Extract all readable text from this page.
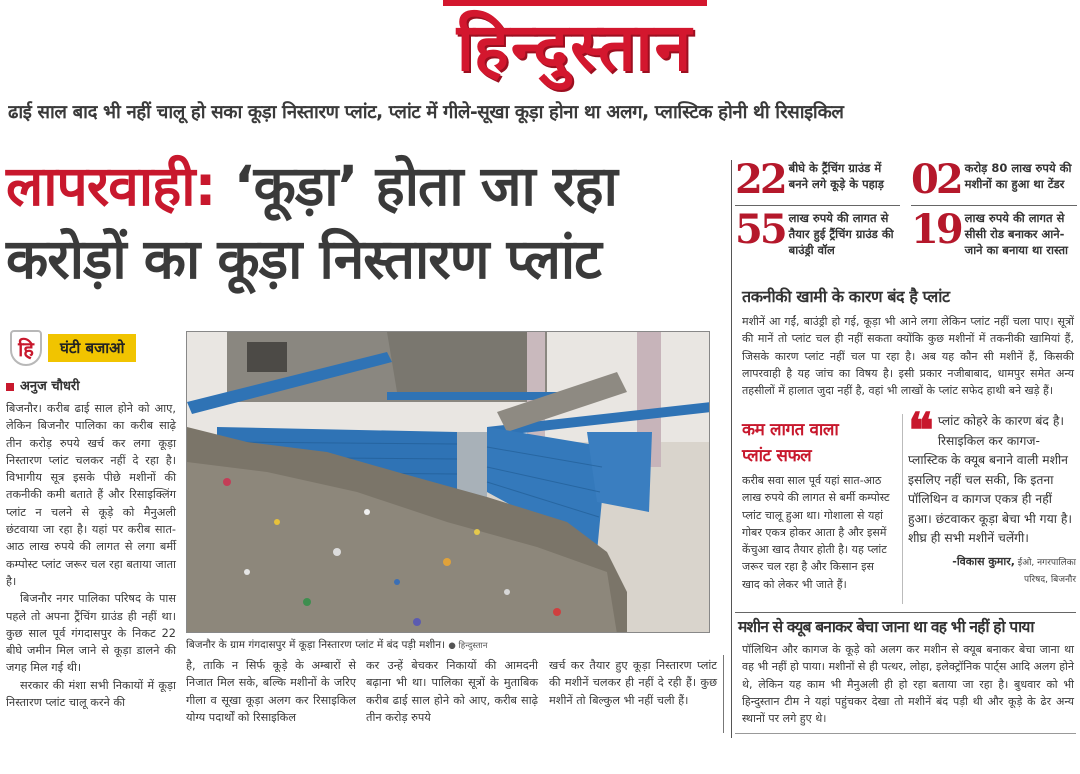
हिन्दुस्तान
ढाई साल बाद भी नहीं चालू हो सका कूड़ा निस्तारण प्लांट, प्लांट में गीले-सूखा कूड़ा होना था अलग, प्लास्टिक होनी थी रिसाइकिल
लापरवाही: ‘कूड़ा’ होता जा रहा
करोड़ों का कूड़ा निस्तारण प्लांट
22 बीघे के ट्रैंचिंग ग्राउंड में
बनने लगे कूड़े के पहाड़ 02 करोड़ 80 लाख रुपये की
मशीनों का हुआ था टेंडर
55 लाख रुपये की लागत से
तैयार हुई ट्रैंचिंग ग्राउंड की
बाउंड्री वॉल	19 लाख रुपये की लागत से
सीसी रोड बनाकर आने-
जाने का बनाया था रास्ता
तकनीकी खामी के कारण बंद है प्लांट
मशीनें आ गईं, बाउंड्री हो गई, कूड़ा भी आने लगा लेकिन प्लांट नहीं चला पाए। सूत्रों की मानें तो प्लांट चल ही नहीं सकता क्योंकि कुछ मशीनों में तकनीकी खामियां हैं, जिसके कारण प्लांट नहीं चल पा रहा है। अब यह कौन सी मशीनें हैं, किसकी लापरवाही है यह जांच का विषय है। इसी प्रकार नजीबाबाद, धामपुर समेत अन्य तहसीलों में हालात जुदा नहीं है, वहां भी लाखों के प्लांट सफेद हाथी बने खड़े हैं।
कम लागत वाला
प्लांट सफल
करीब सवा साल पूर्व यहां सात-आठ लाख रुपये की लागत से बर्मी कम्पोस्ट प्लांट चालू हुआ था। गोशाला से यहां गोबर एकत्र होकर आता है और इसमें केंचुआ खाद तैयार होती है। यह प्लांट जरूर चल रहा है और किसान इस खाद को लेकर भी जाते हैं।
❝ प्लांट कोहरे के कारण बंद है। रिसाइकिल कर कागज-प्लास्टिक के क्यूब बनाने वाली मशीन इसलिए नहीं चल सकी, कि इतना पॉलिथिन व कागज एकत्र ही नहीं हुआ। छंटवाकर कूड़ा बेचा भी गया है। शीघ्र ही सभी मशीनें चलेंगी।
-विकास कुमार, ईओ, नगरपालिका
परिषद, बिजनौर
मशीन से क्यूब बनाकर बेचा जाना था वह भी नहीं हो पाया
पॉलिथिन और कागज के कूड़े को अलग कर मशीन से क्यूब बनाकर बेचा जाना था वह भी नहीं हो पाया। मशीनों से ही पत्थर, लोहा, इलेक्ट्रॉनिक पार्ट्स आदि अलग होने थे, लेकिन यह काम भी मैनुअली ही हो रहा बताया जा रहा है। बुधवार को भी हिन्दुस्तान टीम ने यहां पहुंचकर देखा तो मशीनें बंद पड़ी थी और कूड़े के ढेर अन्य स्थानों पर लगे हुए थे।
हि	घंटी बजाओ
अनुज चौधरी
बिजनौर। करीब ढाई साल होने को आए, लेकिन बिजनौर पालिका का करीब साढ़े तीन करोड़ रुपये खर्च कर लगा कूड़ा निस्तारण प्लांट चलकर नहीं दे रहा है। विभागीय सूत्र इसके पीछे मशीनों की तकनीकी कमी बताते हैं और रिसाइक्लिंग प्लांट न चलने से कूड़े को मैनुअली छंटवाया जा रहा है। यहां पर करीब सात-आठ लाख रुपये की लागत से लगा बर्मी कम्पोस्ट प्लांट जरूर चल रहा बताया जाता है।
बिजनौर नगर पालिका परिषद के पास पहले तो अपना ट्रैंचिंग ग्राउंड ही नहीं था। कुछ साल पूर्व गंगदासपुर के निकट 22 बीघे जमीन मिल जाने से कूड़ा डालने की जगह मिल गई थी।
सरकार की मंशा सभी निकायों में कूड़ा निस्तारण प्लांट चालू करने की
बिजनौर के ग्राम गंगदासपुर में कूड़ा निस्तारण प्लांट में बंद पड़ी मशीन। ● हिन्दुस्तान
है, ताकि न सिर्फ कूड़े के अम्बारों से निजात मिल सके, बल्कि मशीनों के जरिए गीला व सूखा कूड़ा अलग कर रिसाइकिल योग्य पदार्थों को रिसाइकिल
कर उन्हें बेचकर निकायों की आमदनी बढ़ाना भी था। पालिका सूत्रों के मुताबिक करीब ढाई साल होने को आए, करीब साढ़े तीन करोड़ रुपये
खर्च कर तैयार हुए कूड़ा निस्तारण प्लांट की मशीनें चलकर ही नहीं दे रही हैं। कुछ मशीनें तो बिल्कुल भी नहीं चली हैं।
